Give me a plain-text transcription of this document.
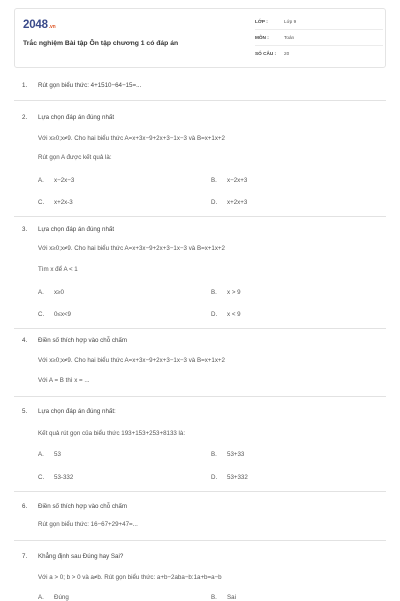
2048.vn
Trắc nghiệm Bài tập Ôn tập chương 1 có đáp án
LỚP :	Lớp 9
MÔN :	Toán
SỐ CÂU : 20
1. Rút gọn biểu thức: 4+1510−64−15=...
2. Lựa chọn đáp án đúng nhất
Với x≥0;x≠9. Cho hai biểu thức A=x+3x−9+2x+3−1x−3 và B=x+1x+2
Rút gọn A được kết quả là:
A. x−2x−3	B. x−2x+3
C. x+2x-3	D. x+2x+3
3. Lựa chọn đáp án đúng nhất
Với x≥0;x≠9. Cho hai biểu thức A=x+3x−9+2x+3−1x−3 và B=x+1x+2
Tìm x để A < 1
A. x≥0	B. x > 9
C. 0≤x<9	D. x < 9
4. Điền số thích hợp vào chỗ chấm
Với x≥0;x≠9. Cho hai biểu thức A=x+3x−9+2x+3−1x−3 và B=x+1x+2
Với A = B thì x = ...
5. Lựa chọn đáp án đúng nhất:
Kết quả rút gọn của biểu thức 193+153+253+8133 là:
A. 53	B. 53+33
C. 53-332	D. 53+332
6. Điền số thích hợp vào chỗ chấm
Rút gọn biểu thức: 16−67+29+47=...
7. Khẳng định sau Đúng hay Sai?
Với a > 0; b > 0 và a≠b. Rút gọn biểu thức: a+b−2aba−b:1a+b=a−b
A. Đúng	B. Sai
